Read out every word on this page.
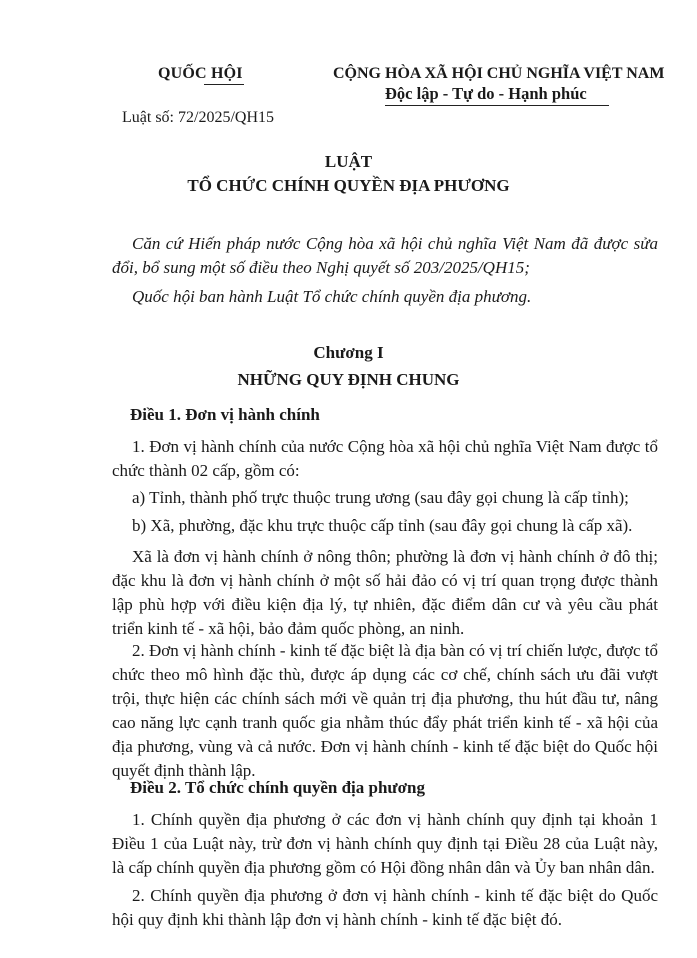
QUỐC HỘI
Luật số: 72/2025/QH15
CỘNG HÒA XÃ HỘI CHỦ NGHĨA VIỆT NAM
Độc lập - Tự do - Hạnh phúc
LUẬT
TỔ CHỨC CHÍNH QUYỀN ĐỊA PHƯƠNG
Căn cứ Hiến pháp nước Cộng hòa xã hội chủ nghĩa Việt Nam đã được sửa đổi, bổ sung một số điều theo Nghị quyết số 203/2025/QH15;
Quốc hội ban hành Luật Tổ chức chính quyền địa phương.
Chương I
NHỮNG QUY ĐỊNH CHUNG
Điều 1. Đơn vị hành chính
1. Đơn vị hành chính của nước Cộng hòa xã hội chủ nghĩa Việt Nam được tổ chức thành 02 cấp, gồm có:
a) Tỉnh, thành phố trực thuộc trung ương (sau đây gọi chung là cấp tỉnh);
b) Xã, phường, đặc khu trực thuộc cấp tỉnh (sau đây gọi chung là cấp xã).
Xã là đơn vị hành chính ở nông thôn; phường là đơn vị hành chính ở đô thị; đặc khu là đơn vị hành chính ở một số hải đảo có vị trí quan trọng được thành lập phù hợp với điều kiện địa lý, tự nhiên, đặc điểm dân cư và yêu cầu phát triển kinh tế - xã hội, bảo đảm quốc phòng, an ninh.
2. Đơn vị hành chính - kinh tế đặc biệt là địa bàn có vị trí chiến lược, được tổ chức theo mô hình đặc thù, được áp dụng các cơ chế, chính sách ưu đãi vượt trội, thực hiện các chính sách mới về quản trị địa phương, thu hút đầu tư, nâng cao năng lực cạnh tranh quốc gia nhằm thúc đẩy phát triển kinh tế - xã hội của địa phương, vùng và cả nước. Đơn vị hành chính - kinh tế đặc biệt do Quốc hội quyết định thành lập.
Điều 2. Tổ chức chính quyền địa phương
1. Chính quyền địa phương ở các đơn vị hành chính quy định tại khoản 1 Điều 1 của Luật này, trừ đơn vị hành chính quy định tại Điều 28 của Luật này, là cấp chính quyền địa phương gồm có Hội đồng nhân dân và Ủy ban nhân dân.
2. Chính quyền địa phương ở đơn vị hành chính - kinh tế đặc biệt do Quốc hội quy định khi thành lập đơn vị hành chính - kinh tế đặc biệt đó.
